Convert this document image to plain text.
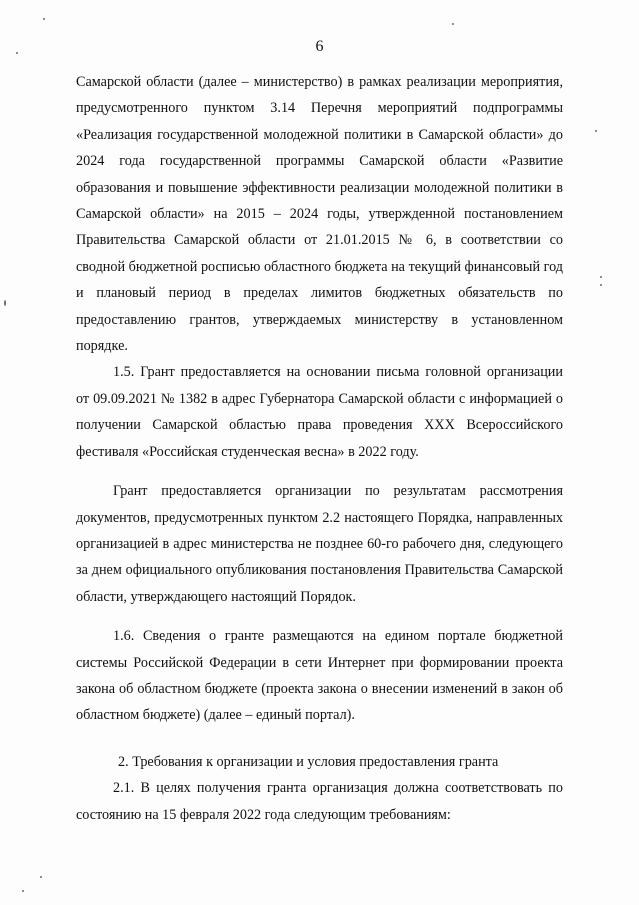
6

Самарской области (далее – министерство) в рамках реализации мероприятия, предусмотренного пунктом 3.14 Перечня мероприятий подпрограммы «Реализация государственной молодежной политики в Самарской области» до 2024 года государственной программы Самарской области «Развитие образования и повышение эффективности реализации молодежной политики в Самарской области» на 2015 – 2024 годы, утвержденной постановлением Правительства Самарской области от 21.01.2015 № 6, в соответствии со сводной бюджетной росписью областного бюджета на текущий финансовый год и плановый период в пределах лимитов бюджетных обязательств по предоставлению грантов, утверждаемых министерству в установленном порядке.

1.5. Грант предоставляется на основании письма головной организации от 09.09.2021 № 1382 в адрес Губернатора Самарской области с информацией о получении Самарской областью права проведения XXX Всероссийского фестиваля «Российская студенческая весна» в 2022 году.

Грант предоставляется организации по результатам рассмотрения документов, предусмотренных пунктом 2.2 настоящего Порядка, направленных организацией в адрес министерства не позднее 60-го рабочего дня, следующего за днем официального опубликования постановления Правительства Самарской области, утверждающего настоящий Порядок.

1.6. Сведения о гранте размещаются на едином портале бюджетной системы Российской Федерации в сети Интернет при формировании проекта закона об областном бюджете (проекта закона о внесении изменений в закон об областном бюджете) (далее – единый портал).

2. Требования к организации и условия предоставления гранта

2.1. В целях получения гранта организация должна соответствовать по состоянию на 15 февраля 2022 года следующим требованиям:
